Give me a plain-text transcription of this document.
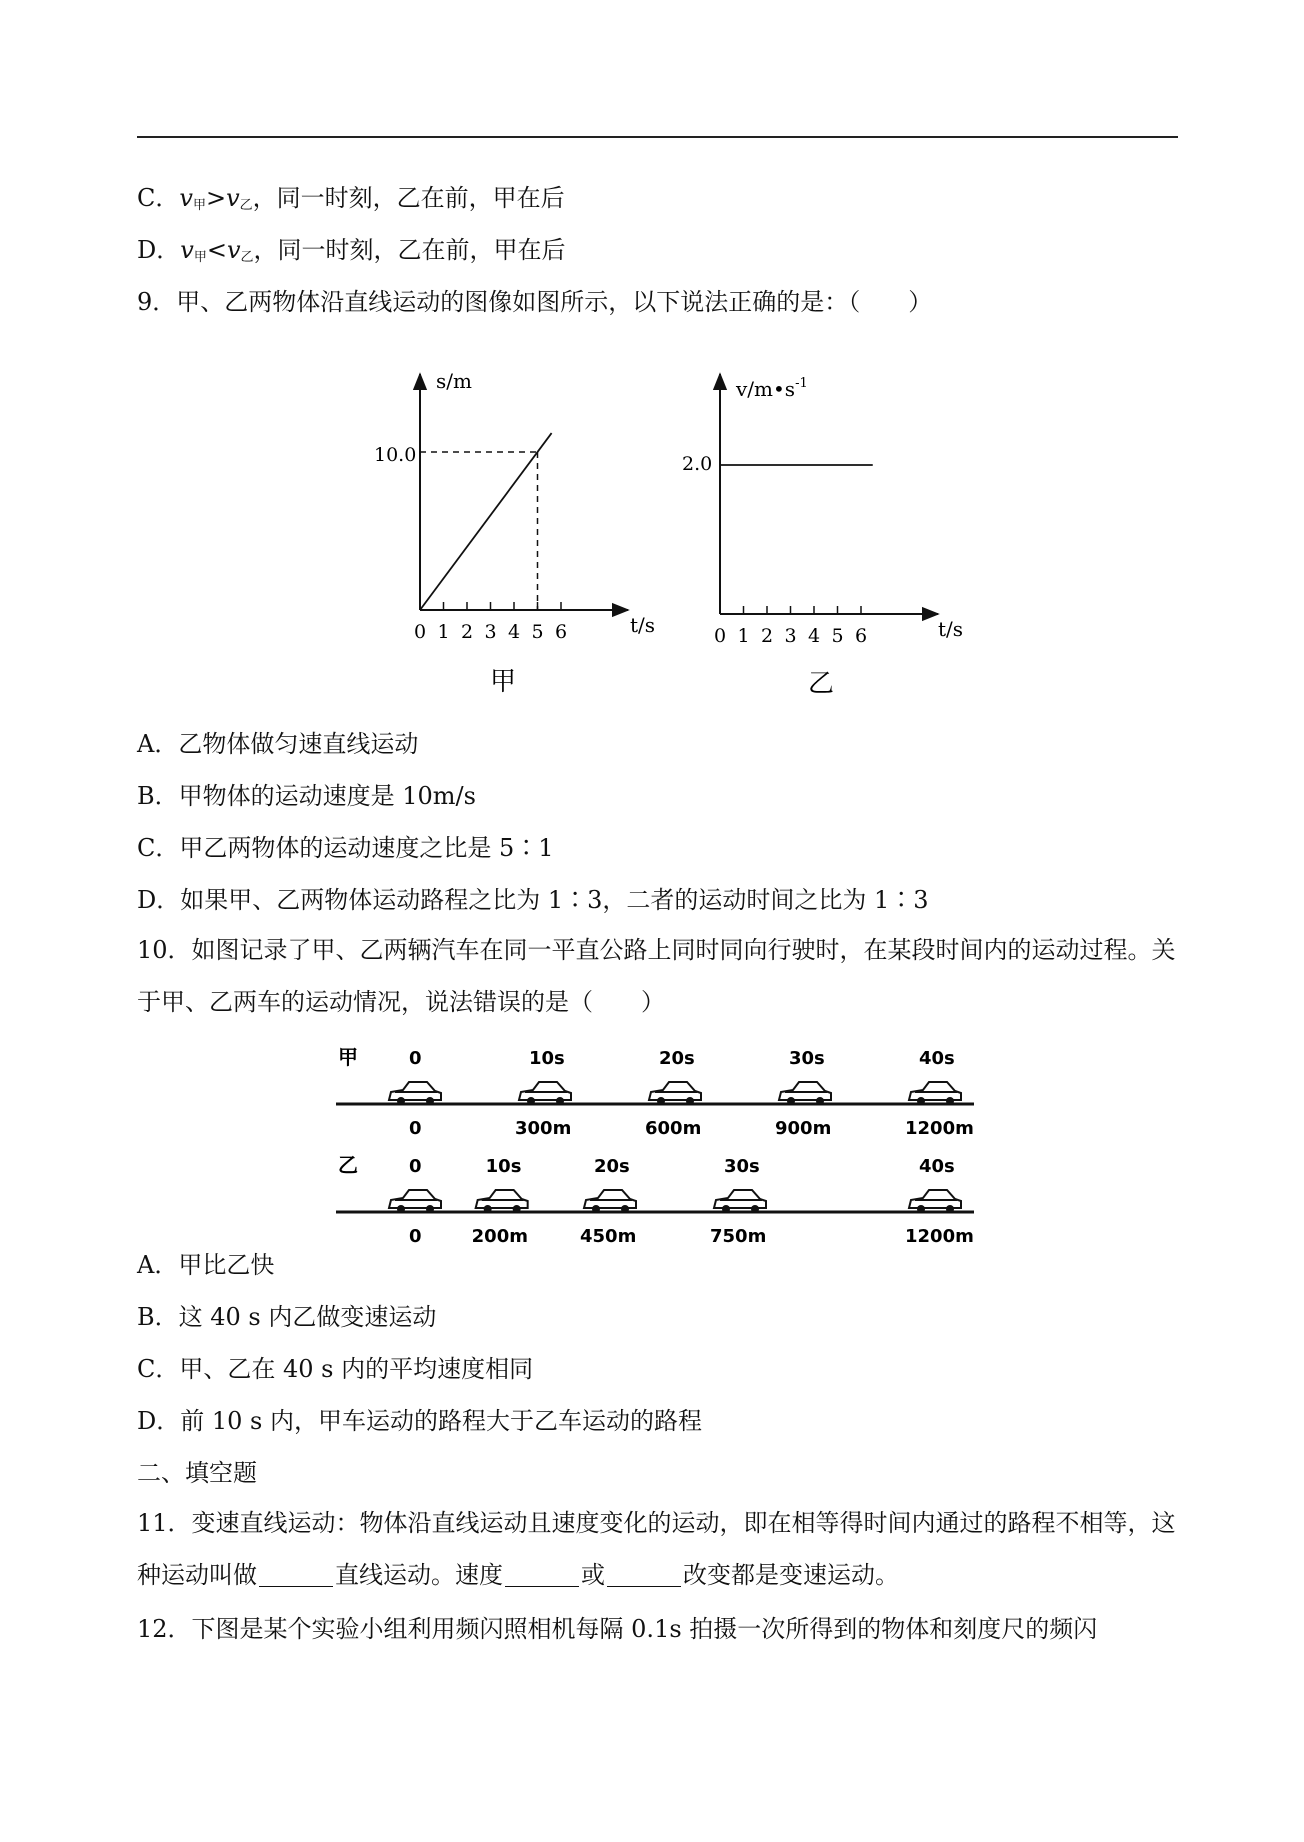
C．$v_甲>v_乙$，同一时刻，乙在前，甲在后
D．$v_甲<v_乙$，同一时刻，乙在前，甲在后
9．甲、乙两物体沿直线运动的图像如图所示，以下说法正确的是：（　　）
s/m
t/s
10.0
0 1 2 3 4 5 6
甲
$v/m•s^{-1}$
t/s
2.0
0 1 2 3 4 5 6
乙
A．乙物体做匀速直线运动
B．甲物体的运动速度是 10m/s
C．甲乙两物体的运动速度之比是 5∶1
D．如果甲、乙两物体运动路程之比为 1∶3，二者的运动时间之比为 1∶3
10．如图记录了甲、乙两辆汽车在同一平直公路上同时同向行驶时，在某段时间内的运动过程。关于甲、乙两车的运动情况，说法错误的是（　　）
甲	0
0
10s
300m
20s
600m
30s
900m
40s
1200m
乙	0
0
10s
200m
20s
450m
30s
750m
40s
1200m
A．甲比乙快
B．这 40 s 内乙做变速运动
C．甲、乙在 40 s 内的平均速度相同
D．前 10 s 内，甲车运动的路程大于乙车运动的路程
二、填空题
11．变速直线运动：物体沿直线运动且速度变化的运动，即在相等得时间内通过的路程不相等，这种运动叫做	直线运动。速度	或	改变都是变速运动。
12．下图是某个实验小组利用频闪照相机每隔 0.1s 拍摄一次所得到的物体和刻度尺的频闪
